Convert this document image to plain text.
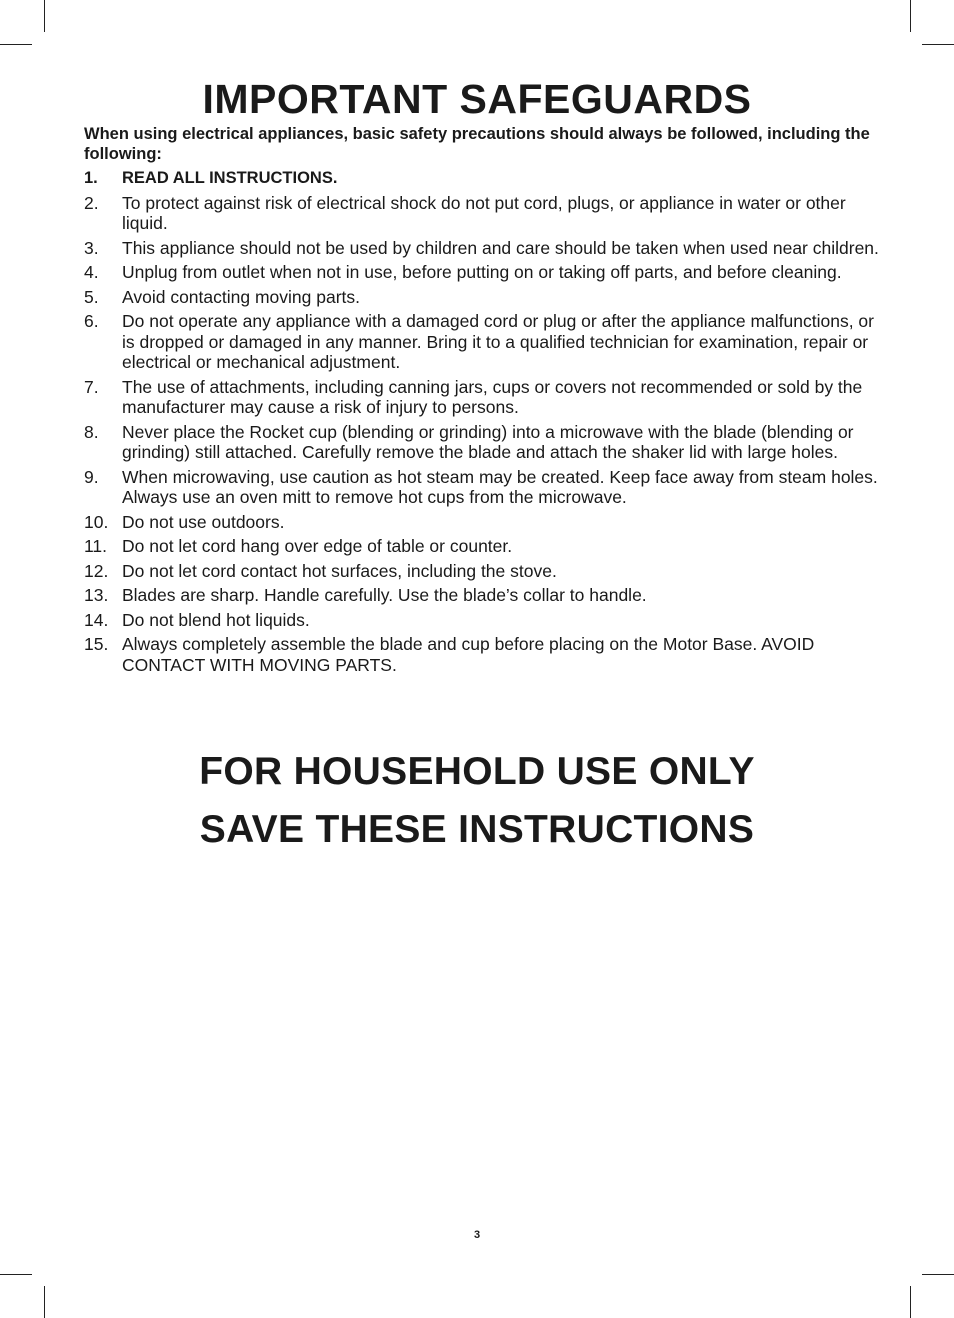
IMPORTANT SAFEGUARDS

When using electrical appliances, basic safety precautions should always be followed, including the following:

1.	READ ALL INSTRUCTIONS.
2.	To protect against risk of electrical shock do not put cord, plugs, or appliance in water or other liquid.
3.	This appliance should not be used by children and care should be taken when used near children.
4.	Unplug from outlet when not in use, before putting on or taking off parts, and before cleaning.
5.	Avoid contacting moving parts.
6.	Do not operate any appliance with a damaged cord or plug or after the appliance malfunctions, or is dropped or damaged in any manner. Bring it to a qualified technician for examination, repair or electrical or mechanical adjustment.
7.	The use of attachments, including canning jars, cups or covers not recommended or sold by the manufacturer may cause a risk of injury to persons.
8.	Never place the Rocket cup (blending or grinding) into a microwave with the blade (blending or grinding) still attached. Carefully remove the blade and attach the shaker lid with large holes.
9.	When microwaving, use caution as hot steam may be created. Keep face away from steam holes. Always use an oven mitt to remove hot cups from the microwave.
10. Do not use outdoors.
11. Do not let cord hang over edge of table or counter.
12. Do not let cord contact hot surfaces, including the stove.
13. Blades are sharp. Handle carefully. Use the blade’s collar to handle.
14. Do not blend hot liquids.
15. Always completely assemble the blade and cup before placing on the Motor Base. AVOID CONTACT WITH MOVING PARTS.
FOR HOUSEHOLD USE ONLY
SAVE THESE INSTRUCTIONS
3
